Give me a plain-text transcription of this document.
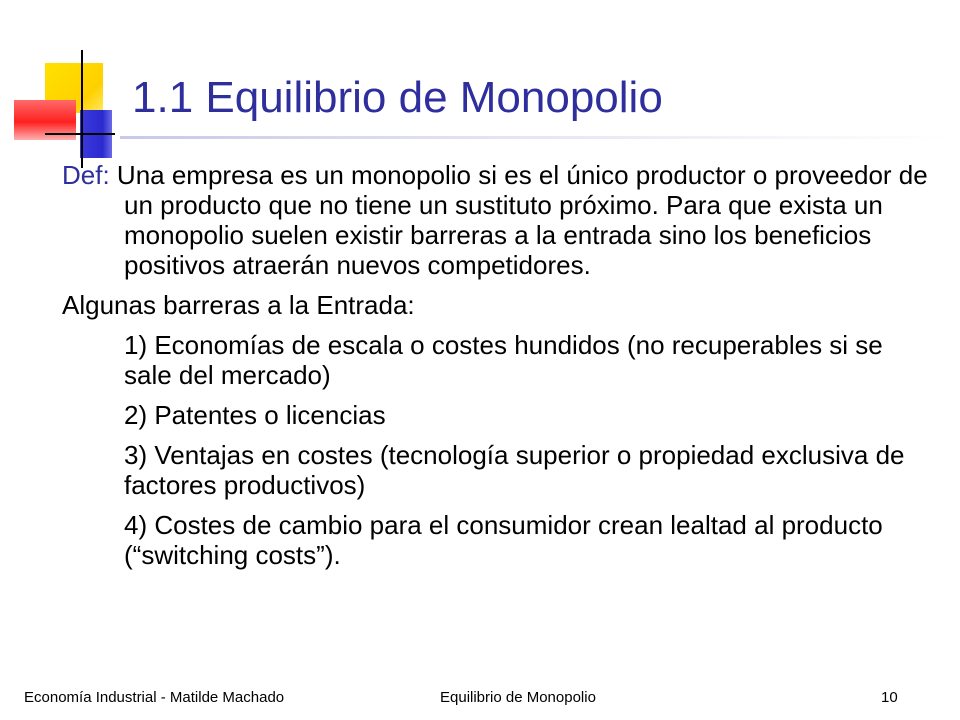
1.1 Equilibrio de Monopolio

Def: Una empresa es un monopolio si es el único productor o proveedor de un producto que no tiene un sustituto próximo. Para que exista un monopolio suelen existir barreras a la entrada sino los beneficios positivos atraerán nuevos competidores.

Algunas barreras a la Entrada:

1) Economías de escala o costes hundidos (no recuperables si se sale del mercado)

2) Patentes o licencias

3) Ventajas en costes (tecnología superior o propiedad exclusiva de factores productivos)

4) Costes de cambio para el consumidor crean lealtad al producto (“switching costs”).

Economía Industrial - Matilde Machado	Equilibrio de Monopolio	10
